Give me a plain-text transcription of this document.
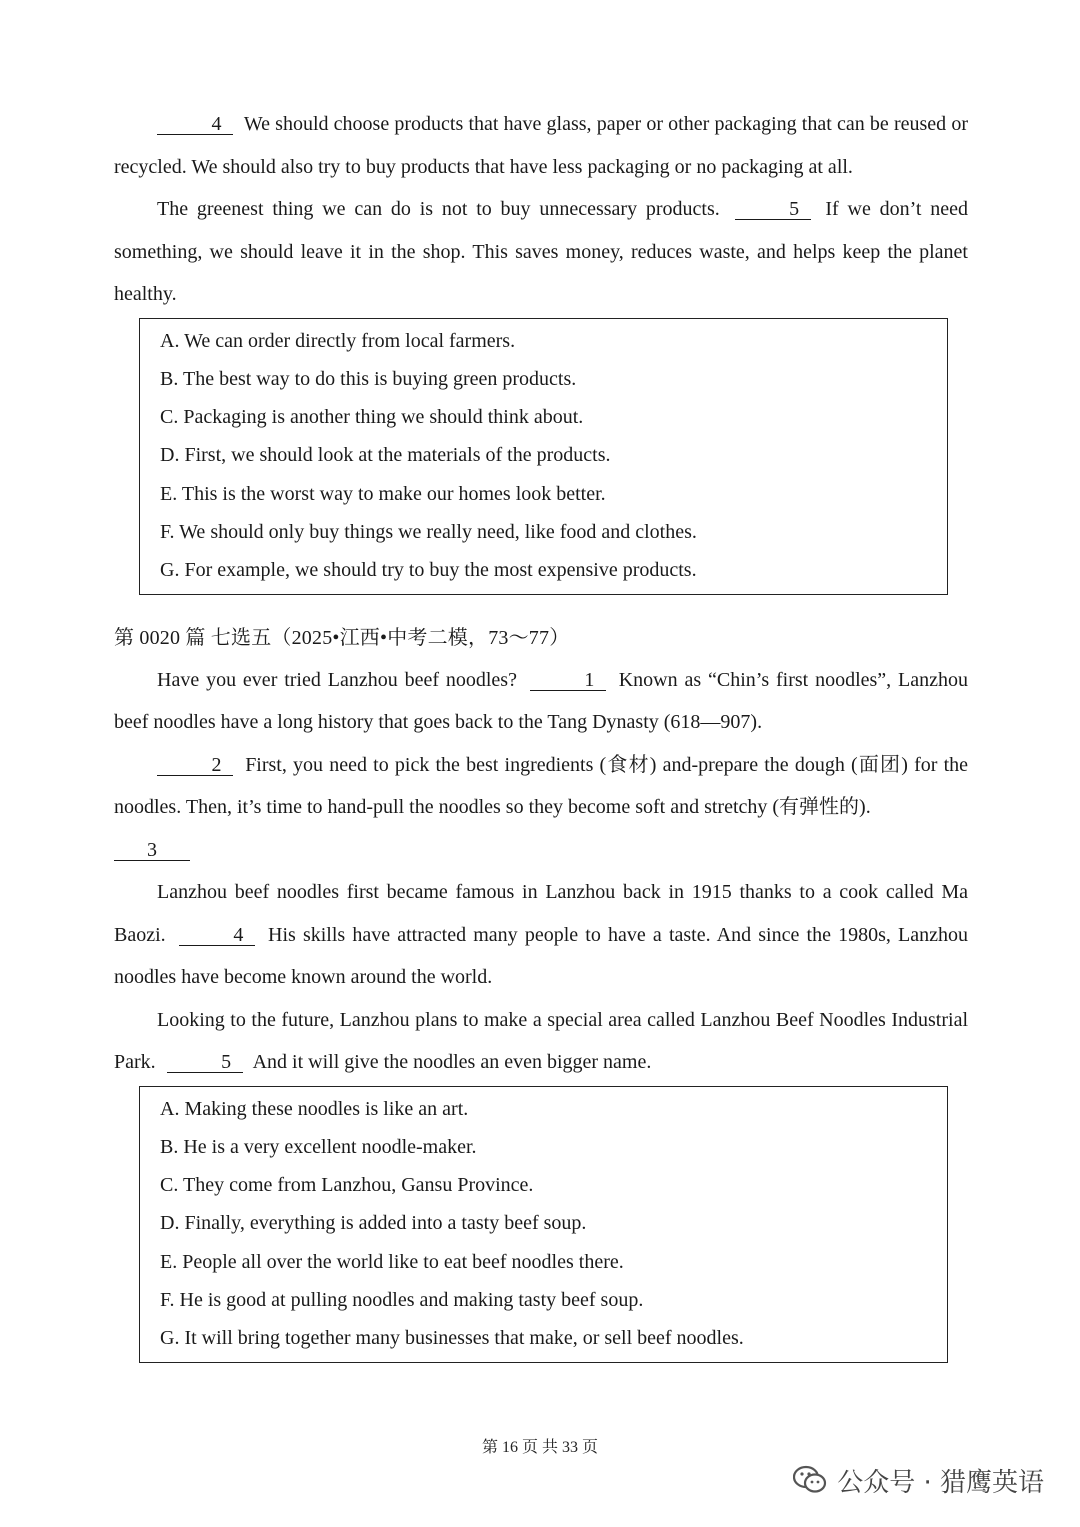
4 We should choose products that have glass, paper or other packaging that can be reused or recycled. We should also try to buy products that have less packaging or no packaging at all.

The greenest thing we can do is not to buy unnecessary products.	5 If we don’t need something, we should leave it in the shop. This saves money, reduces waste, and helps keep the planet healthy.

A. We can order directly from local farmers.
B. The best way to do this is buying green products.
C. Packaging is another thing we should think about.
D. First, we should look at the materials of the products.
E. This is the worst way to make our homes look better.
F. We should only buy things we really need, like food and clothes.
G. For example, we should try to buy the most expensive products.
第 0020 篇 七选五（2025•江西•中考二模，73～77）

Have you ever tried Lanzhou beef noodles?	1 Known as “Chin’s first noodles”, Lanzhou beef noodles have a long history that goes back to the Tang Dynasty (618—907).

2 First, you need to pick the best ingredients (食材) and-prepare the dough (面团) for the noodles. Then, it’s time to hand-pull the noodles so they become soft and stretchy (有弹性的).

3

Lanzhou beef noodles first became famous in Lanzhou back in 1915 thanks to a cook called Ma Baozi.	4 His skills have attracted many people to have a taste. And since the 1980s, Lanzhou noodles have become known around the world.

Looking to the future, Lanzhou plans to make a special area called Lanzhou Beef Noodles Industrial Park.	5 And it will give the noodles an even bigger name.

A. Making these noodles is like an art.
B. He is a very excellent noodle-maker.
C. They come from Lanzhou, Gansu Province.
D. Finally, everything is added into a tasty beef soup.
E. People all over the world like to eat beef noodles there.
F. He is good at pulling noodles and making tasty beef soup.
G. It will bring together many businesses that make, or sell beef noodles.
第 16 页 共 33 页
公众号 · 猎鹰英语
